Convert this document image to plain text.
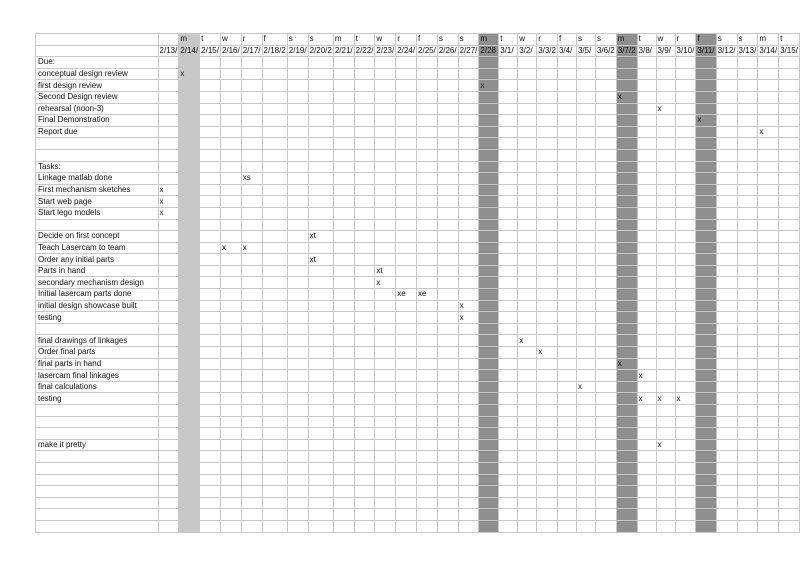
		m	t	w	r	f	s	s	m	t	w	r	f	s	s	m	t	w	r	f	s	s	m	t	w	r	f	s	s	m	t
	2/13/	2/14/	2/15/	2/16/	2/17/	2/18/2	2/19/	2/20/2	2/21/	2/22/	2/23/	2/24/	2/25/	2/26/	2/27/	2/28	3/1/	3/2/	3/3/2	3/4/	3/5/	3/6/2	3/7/2	3/8/	3/9/	3/10/	3/11/	3/12/	3/13/	3/14/	3/15/
Due:																															
conceptual design review		x																													
first design review																x															
Second Design review																							x								
rehearsal (noon-3)																									x						
Final Demonstration																											x				
Report due																														x	

Tasks:																															
Linkage matlab done					xs																										
First mechanism sketches	x																														
Start web page	x																														
Start lego models	x																														

Decide on first concept								xt																							
Teach Lasercam to team				x	x																										
Order any initial parts								xt																							
Parts in hand											xt																				
secondary mechanism design											x																				
Initial lasercam parts done												xe	xe																		
initial design showcase built															x																
testing															x																

final drawings of linkages																		x													
Order final parts																			x												
final parts in hand																							x								
lasercam final linkages																								x							
final calculations																					x										
testing																								x	x	x					

make it pretty																									x						
